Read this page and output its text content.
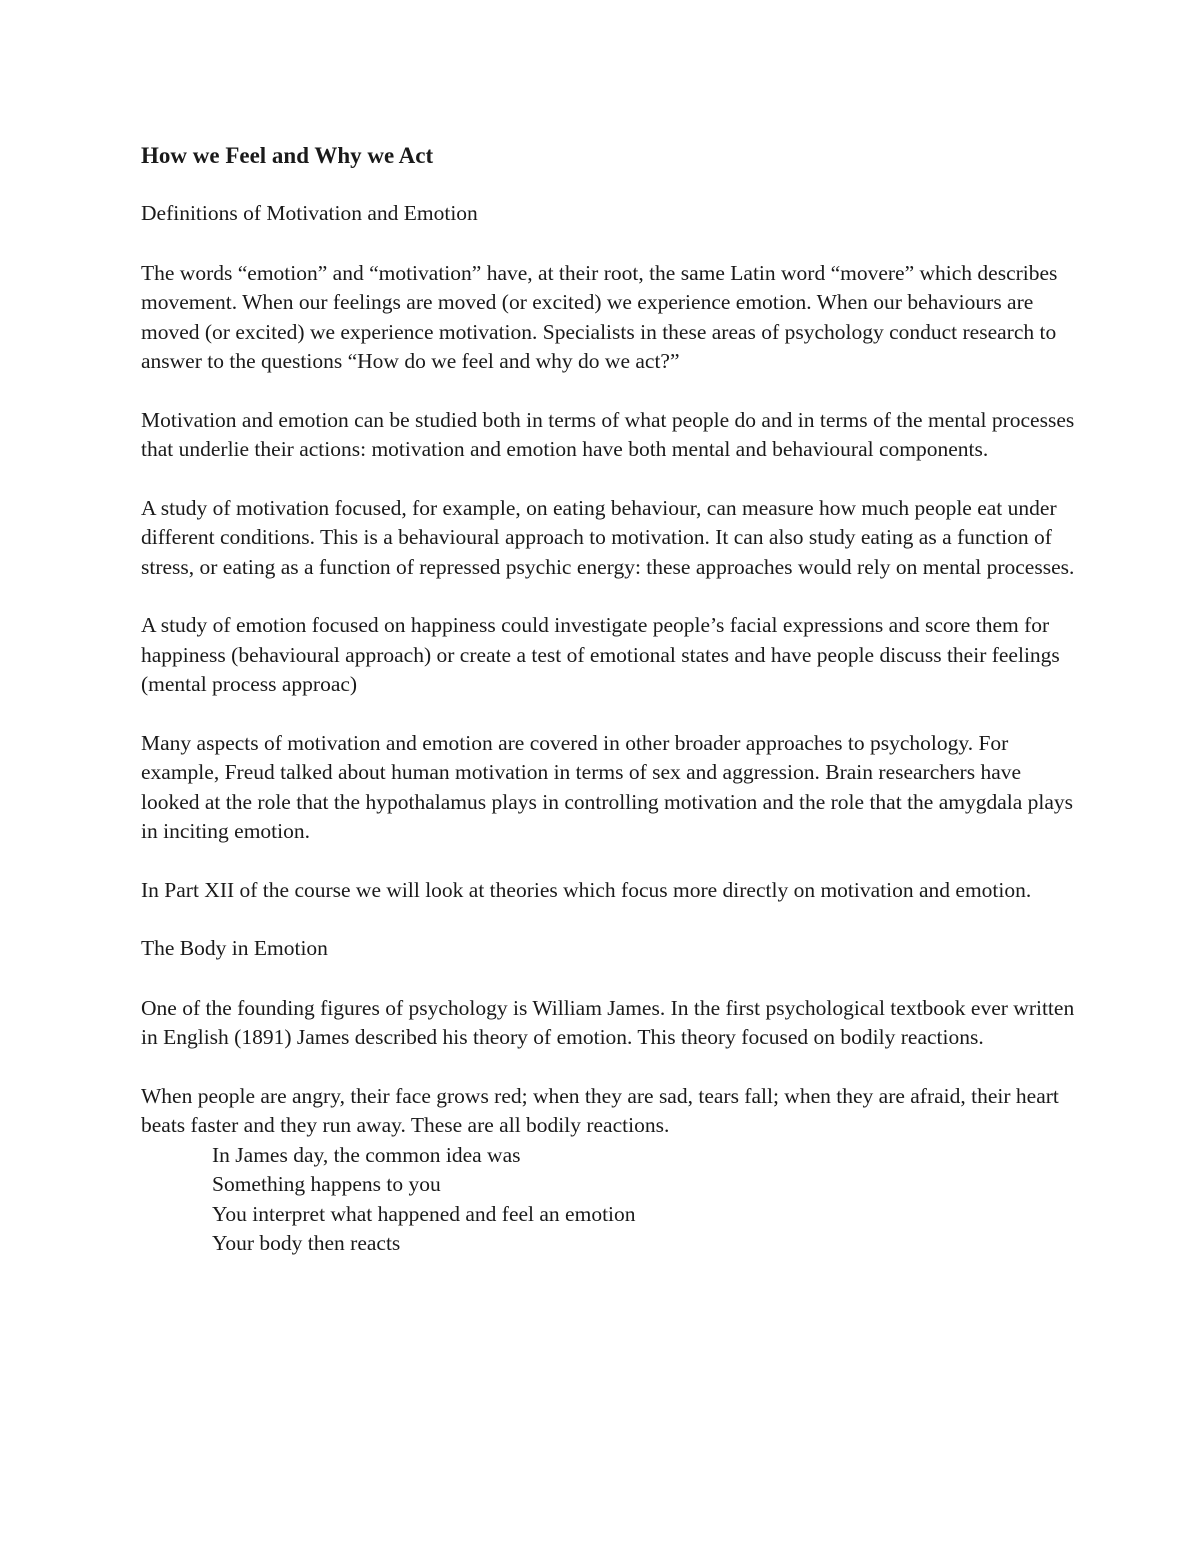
How we Feel and Why we Act
Definitions of Motivation and Emotion
The words “emotion” and “motivation” have, at their root, the same Latin word “movere” which describes movement. When our feelings are moved (or excited) we experience emotion. When our behaviours are moved (or excited) we experience motivation. Specialists in these areas of psychology conduct research to answer to the questions “How do we feel and why do we act?”
Motivation and emotion can be studied both in terms of what people do and in terms of the mental processes that underlie their actions: motivation and emotion have both mental and behavioural components.
A study of motivation focused, for example, on eating behaviour, can measure how much people eat under different conditions. This is a behavioural approach to motivation. It can also study eating as a function of stress, or eating as a function of repressed psychic energy: these approaches would rely on mental processes.
A study of emotion focused on happiness could investigate people’s facial expressions and score them for happiness (behavioural approach) or create a test of emotional states and have people discuss their feelings (mental process approac)
Many aspects of motivation and emotion are covered in other broader approaches to psychology. For example, Freud talked about human motivation in terms of sex and aggression. Brain researchers have looked at the role that the hypothalamus plays in controlling motivation and the role that the amygdala plays in inciting emotion.
In Part XII of the course we will look at theories which focus more directly on motivation and emotion.
The Body in Emotion
One of the founding figures of psychology is William James. In the first psychological textbook ever written in English (1891) James described his theory of emotion. This theory focused on bodily reactions.
When people are angry, their face grows red; when they are sad, tears fall; when they are afraid, their heart beats faster and they run away. These are all bodily reactions.
In James day, the common idea was
Something happens to you
You interpret what happened and feel an emotion
Your body then reacts
